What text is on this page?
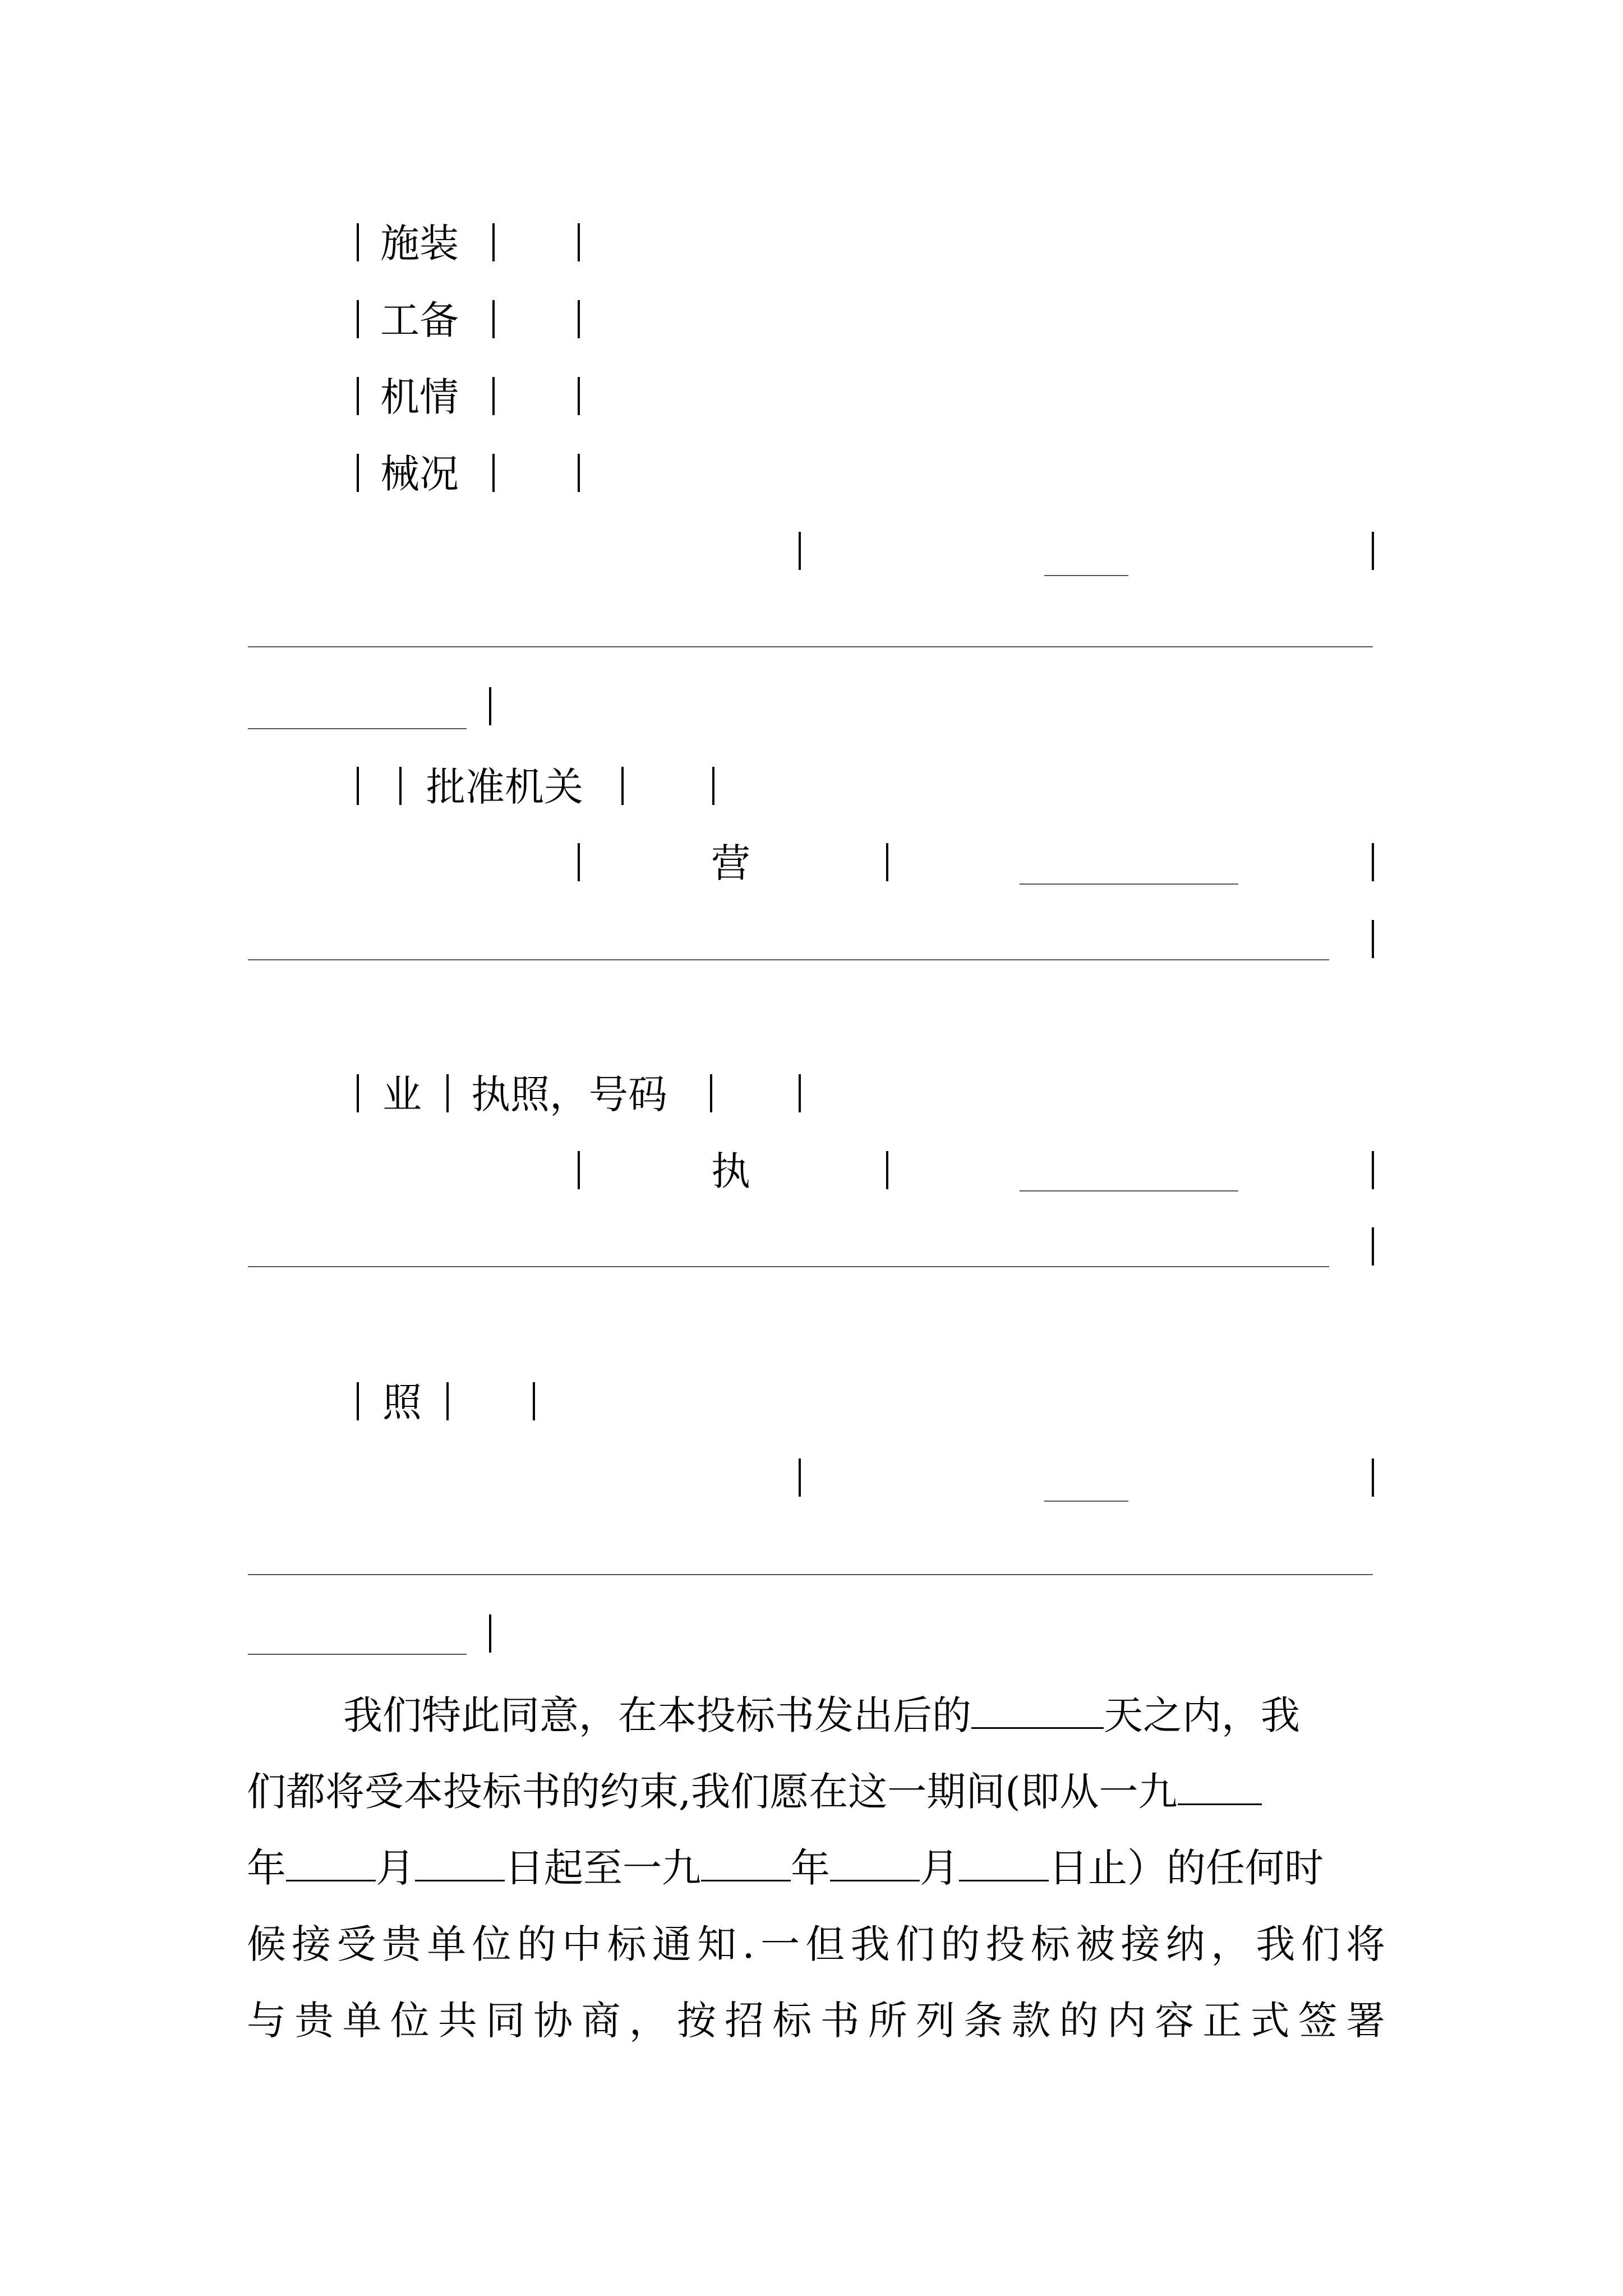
施装
工备
机情
械况
批准机关
营
业 执照，号码
执
照
我们特此同意，在本投标书发出后的	天之内，我
们都将受本投标书的约束,我们愿在这一期间(即从一九
年 月 日起至一九 年 月 日止）的任何时
候接受贵单位的中标通知.一但我们的投标被接纳，我们将
与贵单位共同协商，按招标书所列条款的内容正式签署
